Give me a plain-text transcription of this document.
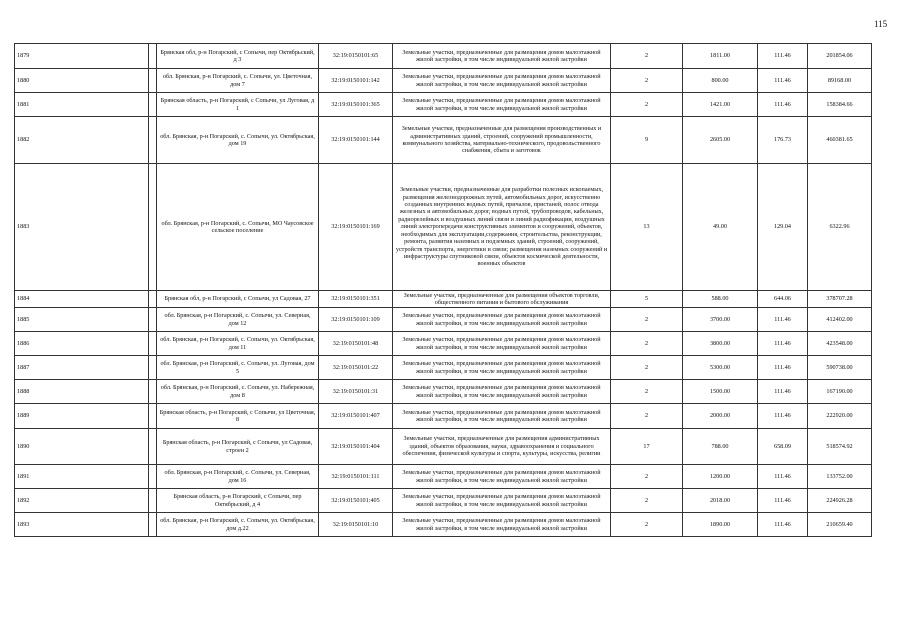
115
1879		Брянская обл, р-н Погарский, с Сопычи, пер Октябрьский, д 3	32:19:0150101:65	Земельные участки, предназначенные для размещения домов малоэтажной жилой застройки, в том числе индивидуальной жилой застройки	2	1811.00	111.46	201854.06
1880		обл. Брянская, р-н Погарский, с. Сопычи, ул. Цветочная, дом 7	32:19:0150101:142	Земельные участки, предназначенные для размещения домов малоэтажной жилой застройки, в том числе индивидуальной жилой застройки	2	800.00	111.46	89168.00
1881		Брянская область, р-н Погарский, с Сопычи, ул Луговая, д 1	32:19:0150101:365	Земельные участки, предназначенные для размещения домов малоэтажной жилой застройки, в том числе индивидуальной жилой застройки	2	1421.00	111.46	158384.66
1882		обл. Брянская, р-н Погарский, с. Сопычи, ул. Октябрьская, дом 19	32:19:0150101:144	Земельные участки, предназначенные для размещения производственных и административных зданий, строений, сооружений промышленности, коммунального хозяйства, материально-технического, продовольственного снабжения, сбыта и заготовок	9	2605.00	176.73	460381.65
1883		обл. Брянская, р-н Погарский, с. Сопычи, МО Чаусовское сельское поселение	32:19:0150101:169	Земельные участки, предназначенные для разработки полезных ископаемых, размещения железнодорожных путей, автомобильных дорог, искусственно созданных внутренних водных путей, причалов, пристаней, полос отвода железных и автомобильных дорог, водных путей, трубопроводов, кабельных, радиорелейных и воздушных линий связи и линий радиофикации, воздушных линий электропередачи конструктивных элементов и сооружений, объектов, необходимых для эксплуатации,содержания, строительства, реконструкции, ремонта, развития наземных и подземных зданий, строений, сооружений, устройств транспорта, энергетики и связи; размещения наземных сооружений и инфраструктуры спутниковой связи, объектов космической деятельности, военных объектов	13	49.00	129.04	6322.96
1884		Брянская обл, р-н Погарский, с Сопычи, ул Садовая, 27	32:19:0150101:351	Земельные участки, предназначенные для размещения объектов торговли, общественного питания и бытового обслуживания	5	588.00	644.06	378707.28
1885		обл. Брянская, р-н Погарский, с. Сопычи, ул. Северная, дом 12	32:19:0150101:109	Земельные участки, предназначенные для размещения домов малоэтажной жилой застройки, в том числе индивидуальной жилой застройки	2	3700.00	111.46	412402.00
1886		обл. Брянская, р-н Погарский, с. Сопычи, ул. Октябрьская, дом 11	32:19:0150101:48	Земельные участки, предназначенные для размещения домов малоэтажной жилой застройки, в том числе индивидуальной жилой застройки	2	3800.00	111.46	423548.00
1887		обл. Брянская, р-н Погарский, с. Сопычи, ул. Луговая, дом 5	32:19:0150101:22	Земельные участки, предназначенные для размещения домов малоэтажной жилой застройки, в том числе индивидуальной жилой застройки	2	5300.00	111.46	590738.00
1888		обл. Брянская, р-н Погарский, с. Сопычи, ул. Набережная, дом 8	32:19:0150101:31	Земельные участки, предназначенные для размещения домов малоэтажной жилой застройки, в том числе индивидуальной жилой застройки	2	1500.00	111.46	167190.00
1889		Брянская область, р-н Погарский, с Сопычи, ул Цветочная, 8	32:19:0150101:407	Земельные участки, предназначенные для размещения домов малоэтажной жилой застройки, в том числе индивидуальной жилой застройки	2	2000.00	111.46	222920.00
1890		Брянская область, р-н Погарский, с Сопычи, ул Садовая, строен 2	32:19:0150101:404	Земельные участки, предназначенные для размещения административных зданий, объектов образования, науки, здравоохранения и социального обеспечения, физической культуры и спорта, культуры, искусства, религии	17	788.00	658.09	518574.92
1891		обл. Брянская, р-н Погарский, с. Сопычи, ул. Северная, дом 16	32:19:0150101:111	Земельные участки, предназначенные для размещения домов малоэтажной жилой застройки, в том числе индивидуальной жилой застройки	2	1200.00	111.46	133752.00
1892		Брянская область, р-н Погарский, с Сопычи, пер Октябрьский, д 4	32:19:0150101:405	Земельные участки, предназначенные для размещения домов малоэтажной жилой застройки, в том числе индивидуальной жилой застройки	2	2018.00	111.46	224926.28
1893		обл. Брянская, р-н Погарский, с. Сопычи, ул. Октябрьская, дом д.22	32:19:0150101:10	Земельные участки, предназначенные для размещения домов малоэтажной жилой застройки, в том числе индивидуальной жилой застройки	2	1890.00	111.46	210659.40
